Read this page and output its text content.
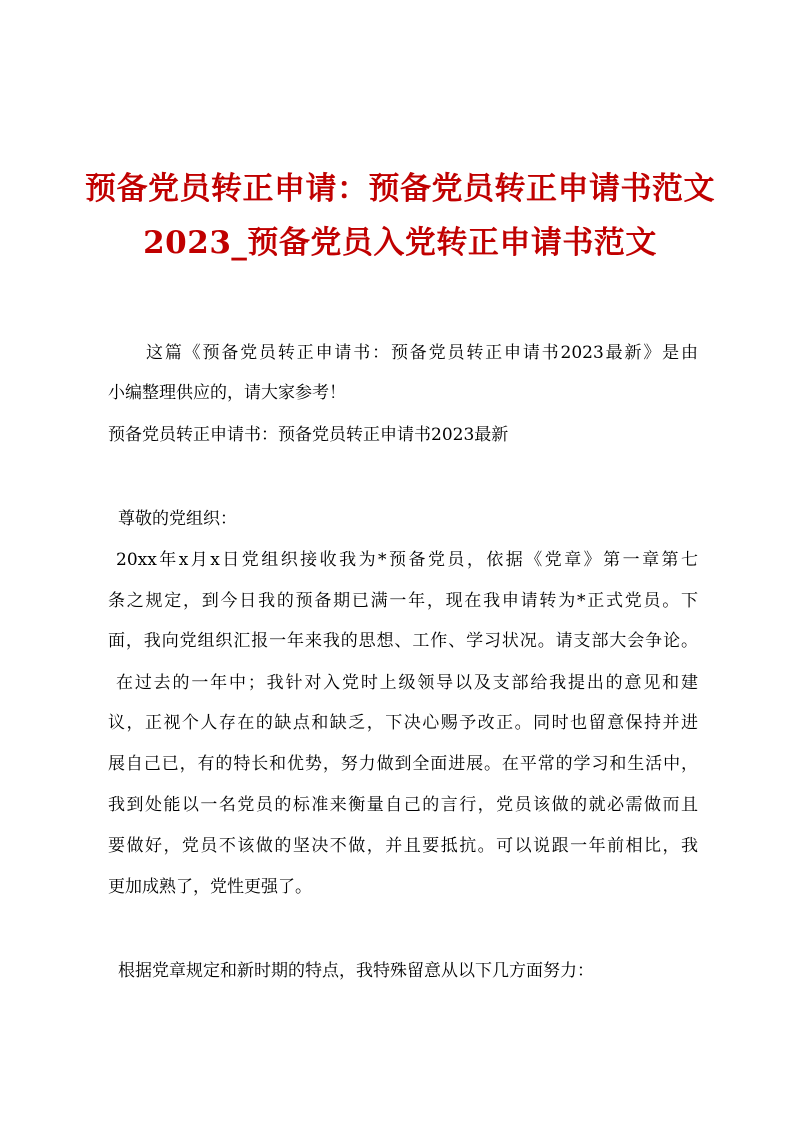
预备党员转正申请：预备党员转正申请书范文
2023_预备党员入党转正申请书范文
这篇《预备党员转正申请书：预备党员转正申请书2023最新》是由
小编整理供应的，请大家参考！
预备党员转正申请书：预备党员转正申请书2023最新
尊敬的党组织：
20xx年x月x日党组织接收我为*预备党员，依据《党章》第一章第七
条之规定，到今日我的预备期已满一年，现在我申请转为*正式党员。下
面，我向党组织汇报一年来我的思想、工作、学习状况。请支部大会争论。
在过去的一年中；我针对入党时上级领导以及支部给我提出的意见和建
议，正视个人存在的缺点和缺乏，下决心赐予改正。同时也留意保持并进
展自己已，有的特长和优势，努力做到全面进展。在平常的学习和生活中，
我到处能以一名党员的标准来衡量自己的言行，党员该做的就必需做而且
要做好，党员不该做的坚决不做，并且要抵抗。可以说跟一年前相比，我
更加成熟了，党性更强了。
根据党章规定和新时期的特点，我特殊留意从以下几方面努力：
